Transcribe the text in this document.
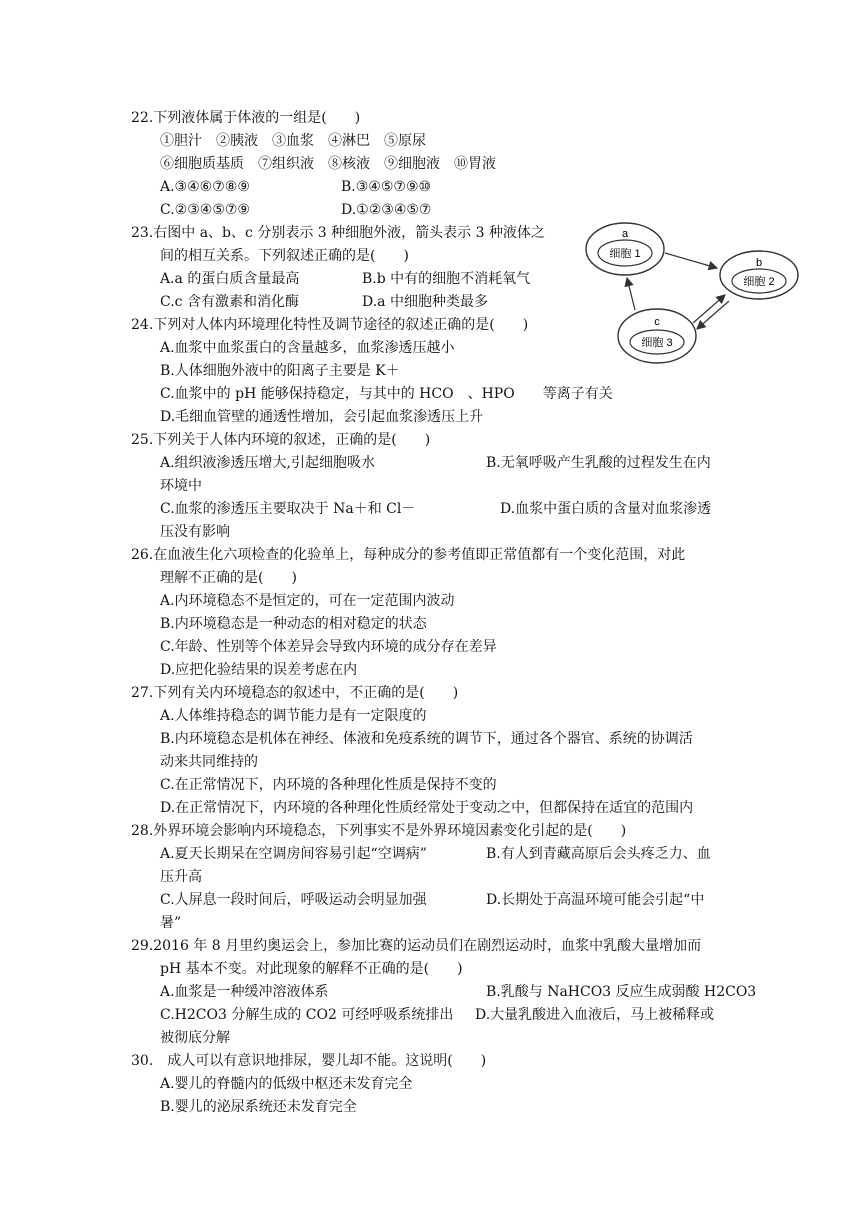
22.下列液体属于体液的一组是(　　)
①胆汁　②胰液　③血浆　④淋巴　⑤原尿
⑥细胞质基质　⑦组织液　⑧核液　⑨细胞液　⑩胃液
A.③④⑥⑦⑧⑨	B.③④⑤⑦⑨⑩
C.②③④⑤⑦⑨	D.①②③④⑤⑦
23.右图中 a、b、c 分别表示 3 种细胞外液，箭头表示 3 种液体之
间的相互关系。下列叙述正确的是(　　)
A.a 的蛋白质含量最高	B.b 中有的细胞不消耗氧气
C.c 含有激素和消化酶	D.a 中细胞种类最多
a
细胞 1
b
细胞 2
c
细胞 3
24.下列对人体内环境理化特性及调节途径的叙述正确的是(　　)
A.血浆中血浆蛋白的含量越多，血浆渗透压越小
B.人体细胞外液中的阳离子主要是 K＋
C.血浆中的 pH 能够保持稳定，与其中的 HCO　、HPO　　等离子有关
D.毛细血管壁的通透性增加，会引起血浆渗透压上升
25.下列关于人体内环境的叙述，正确的是(　　)
A.组织液渗透压增大,引起细胞吸水	B.无氧呼吸产生乳酸的过程发生在内
环境中
C.血浆的渗透压主要取决于 Na＋和 Cl－	D.血浆中蛋白质的含量对血浆渗透
压没有影响
26.在血液生化六项检查的化验单上，每种成分的参考值即正常值都有一个变化范围，对此
理解不正确的是(　　)
A.内环境稳态不是恒定的，可在一定范围内波动
B.内环境稳态是一种动态的相对稳定的状态
C.年龄、性别等个体差异会导致内环境的成分存在差异
D.应把化验结果的误差考虑在内
27.下列有关内环境稳态的叙述中，不正确的是(　　)
A.人体维持稳态的调节能力是有一定限度的
B.内环境稳态是机体在神经、体液和免疫系统的调节下，通过各个器官、系统的协调活
动来共同维持的
C.在正常情况下，内环境的各种理化性质是保持不变的
D.在正常情况下，内环境的各种理化性质经常处于变动之中，但都保持在适宜的范围内
28.外界环境会影响内环境稳态，下列事实不是外界环境因素变化引起的是(　　)
A.夏天长期呆在空调房间容易引起“空调病”	B.有人到青藏高原后会头疼乏力、血
压升高
C.人屏息一段时间后，呼吸运动会明显加强	D.长期处于高温环境可能会引起“中
暑”
29.2016 年 8 月里约奥运会上，参加比赛的运动员们在剧烈运动时，血浆中乳酸大量增加而
pH 基本不变。对此现象的解释不正确的是(　　)
A.血浆是一种缓冲溶液体系	B.乳酸与 NaHCO3 反应生成弱酸 H2CO3
C.H2CO3 分解生成的 CO2 可经呼吸系统排出 D.大量乳酸进入血液后，马上被稀释或
被彻底分解
30.　成人可以有意识地排尿，婴儿却不能。这说明(　　)
A.婴儿的脊髓内的低级中枢还未发育完全
B.婴儿的泌尿系统还未发育完全
